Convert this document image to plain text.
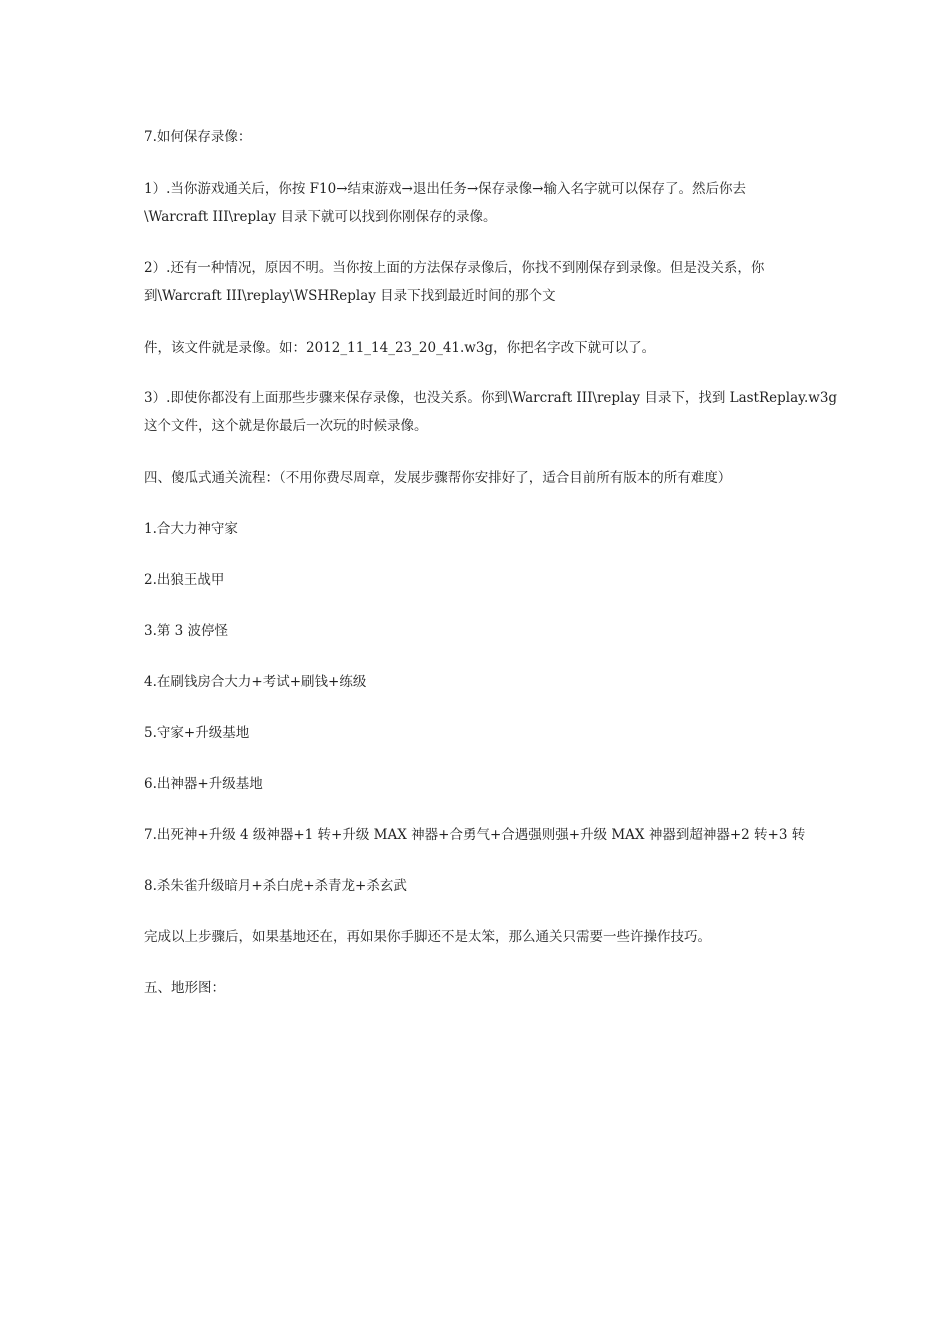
7.如何保存录像：

1）.当你游戏通关后，你按 F10→结束游戏→退出任务→保存录像→输入名字就可以保存了。然后你去
\Warcraft III\replay 目录下就可以找到你刚保存的录像。

2）.还有一种情况，原因不明。当你按上面的方法保存录像后，你找不到刚保存到录像。但是没关系，你
到\Warcraft III\replay\WSHReplay 目录下找到最近时间的那个文

件，该文件就是录像。如：2012_11_14_23_20_41.w3g，你把名字改下就可以了。

3）.即使你都没有上面那些步骤来保存录像，也没关系。你到\Warcraft III\replay 目录下，找到 LastReplay.w3g
这个文件，这个就是你最后一次玩的时候录像。

四、傻瓜式通关流程：（不用你费尽周章，发展步骤帮你安排好了，适合目前所有版本的所有难度）

1.合大力神守家

2.出狼王战甲

3.第 3 波停怪

4.在刷钱房合大力+考试+刷钱+练级

5.守家+升级基地

6.出神器+升级基地

7.出死神+升级 4 级神器+1 转+升级 MAX 神器+合勇气+合遇强则强+升级 MAX 神器到超神器+2 转+3 转

8.杀朱雀升级暗月+杀白虎+杀青龙+杀玄武

完成以上步骤后，如果基地还在，再如果你手脚还不是太笨，那么通关只需要一些许操作技巧。

五、地形图：
